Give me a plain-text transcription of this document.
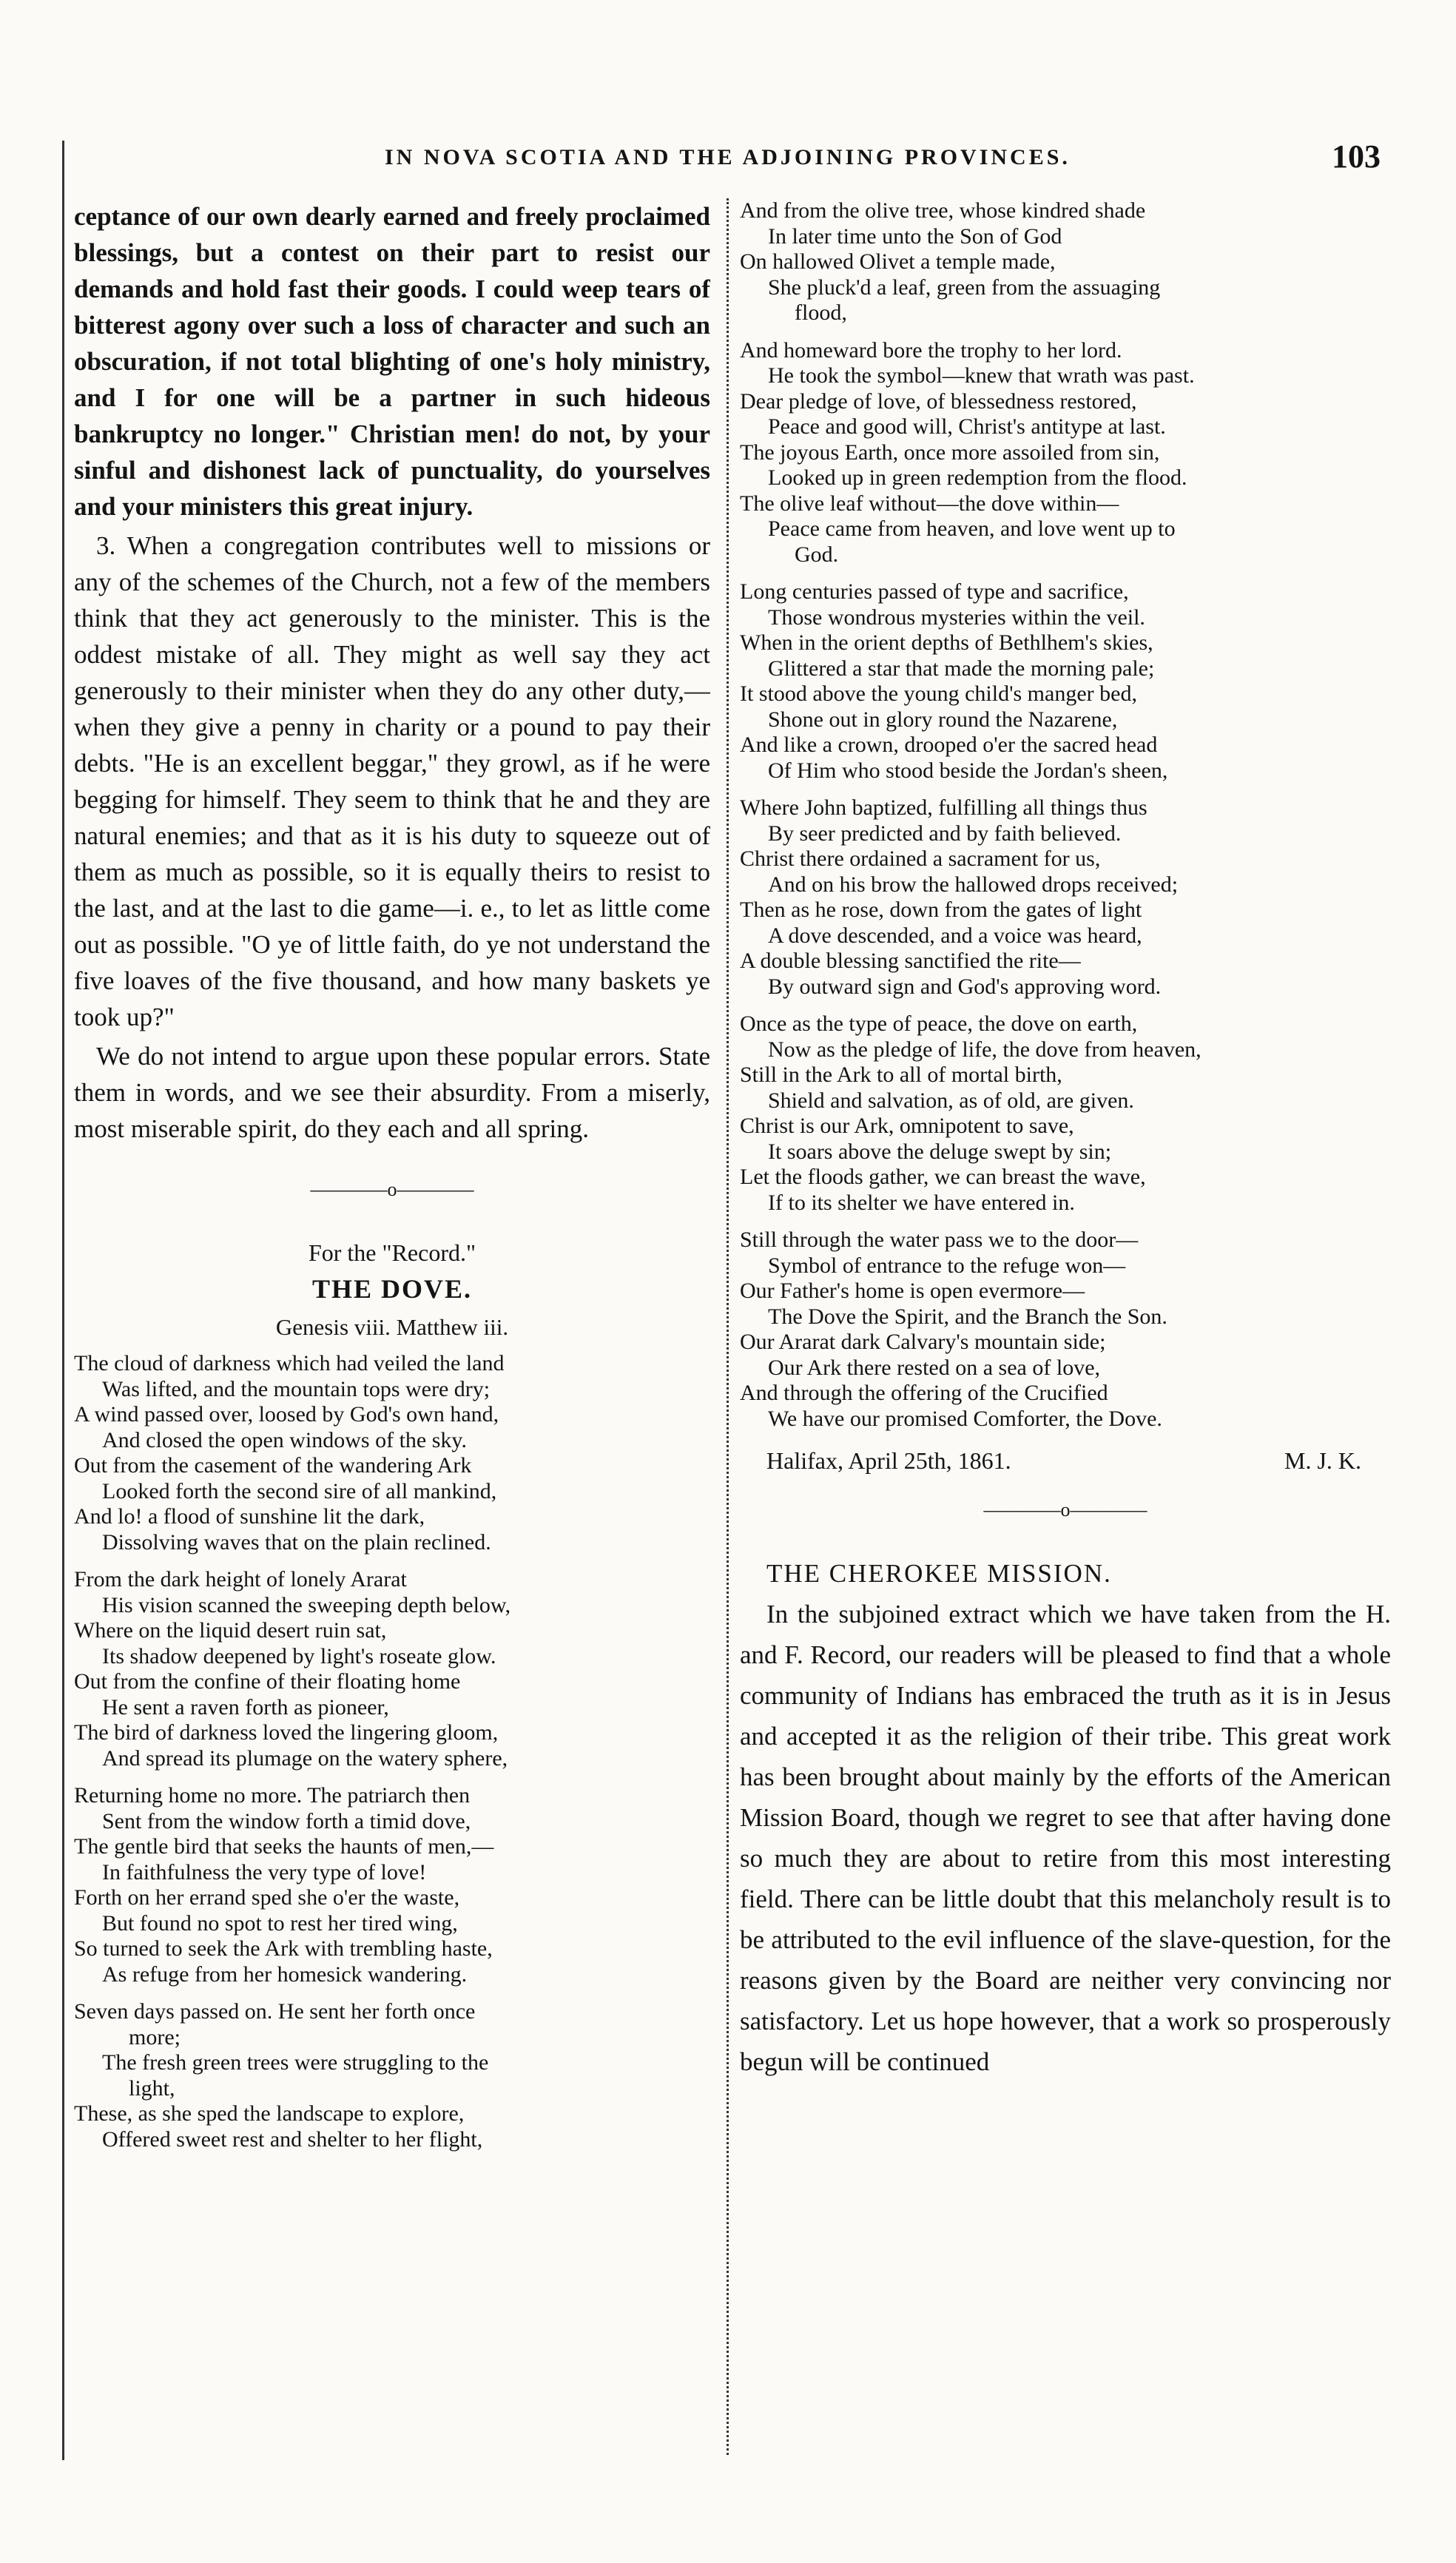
IN NOVA SCOTIA AND THE ADJOINING PROVINCES.	103

ceptance of our own dearly earned and freely proclaimed blessings, but a contest on their part to resist our demands and hold fast their goods. I could weep tears of bitterest agony over such a loss of character and such an obscuration, if not total blighting of one's holy ministry, and I for one will be a partner in such hideous bankruptcy no longer." Christian men! do not, by your sinful and dishonest lack of punctuality, do yourselves and your ministers this great injury.

3. When a congregation contributes well to missions or any of the schemes of the Church, not a few of the members think that they act generously to the minister. This is the oddest mistake of all. They might as well say they act generously to their minister when they do any other duty,—when they give a penny in charity or a pound to pay their debts. "He is an excellent beggar," they growl, as if he were begging for himself. They seem to think that he and they are natural enemies; and that as it is his duty to squeeze out of them as much as possible, so it is equally theirs to resist to the last, and at the last to die game—i. e., to let as little come out as possible. "O ye of little faith, do ye not understand the five loaves of the five thousand, and how many baskets ye took up?"

We do not intend to argue upon these popular errors. State them in words, and we see their absurdity. From a miserly, most miserable spirit, do they each and all spring.

————o————

For the "Record."

THE DOVE.

Genesis viii. Matthew iii.

The cloud of darkness which had veiled the land

Was lifted, and the mountain tops were dry;

A wind passed over, loosed by God's own hand,

And closed the open windows of the sky.

Out from the casement of the wandering Ark

Looked forth the second sire of all mankind,

And lo! a flood of sunshine lit the dark,

Dissolving waves that on the plain reclined.

From the dark height of lonely Ararat

His vision scanned the sweeping depth below,

Where on the liquid desert ruin sat,

Its shadow deepened by light's roseate glow.

Out from the confine of their floating home

He sent a raven forth as pioneer,

The bird of darkness loved the lingering gloom,

And spread its plumage on the watery sphere,

Returning home no more. The patriarch then

Sent from the window forth a timid dove,

The gentle bird that seeks the haunts of men,—

In faithfulness the very type of love!

Forth on her errand sped she o'er the waste,

But found no spot to rest her tired wing,

So turned to seek the Ark with trembling haste,

As refuge from her homesick wandering.

Seven days passed on. He sent her forth once

more;

The fresh green trees were struggling to the

light,

These, as she sped the landscape to explore,

Offered sweet rest and shelter to her flight,

And from the olive tree, whose kindred shade

In later time unto the Son of God

On hallowed Olivet a temple made,

She pluck'd a leaf, green from the assuaging

flood,

And homeward bore the trophy to her lord.

He took the symbol—knew that wrath was past.

Dear pledge of love, of blessedness restored,

Peace and good will, Christ's antitype at last.

The joyous Earth, once more assoiled from sin,

Looked up in green redemption from the flood.

The olive leaf without—the dove within—

Peace came from heaven, and love went up to

God.

Long centuries passed of type and sacrifice,

Those wondrous mysteries within the veil.

When in the orient depths of Bethlhem's skies,

Glittered a star that made the morning pale;

It stood above the young child's manger bed,

Shone out in glory round the Nazarene,

And like a crown, drooped o'er the sacred head

Of Him who stood beside the Jordan's sheen,

Where John baptized, fulfilling all things thus

By seer predicted and by faith believed.

Christ there ordained a sacrament for us,

And on his brow the hallowed drops received;

Then as he rose, down from the gates of light

A dove descended, and a voice was heard,

A double blessing sanctified the rite—

By outward sign and God's approving word.

Once as the type of peace, the dove on earth,

Now as the pledge of life, the dove from heaven,

Still in the Ark to all of mortal birth,

Shield and salvation, as of old, are given.

Christ is our Ark, omnipotent to save,

It soars above the deluge swept by sin;

Let the floods gather, we can breast the wave,

If to its shelter we have entered in.

Still through the water pass we to the door—

Symbol of entrance to the refuge won—

Our Father's home is open evermore—

The Dove the Spirit, and the Branch the Son.

Our Ararat dark Calvary's mountain side;

Our Ark there rested on a sea of love,

And through the offering of the Crucified

We have our promised Comforter, the Dove.

Halifax, April 25th, 1861.	M. J. K.

————o————

THE CHEROKEE MISSION.

In the subjoined extract which we have taken from the H. and F. Record, our readers will be pleased to find that a whole community of Indians has embraced the truth as it is in Jesus and accepted it as the religion of their tribe. This great work has been brought about mainly by the efforts of the American Mission Board, though we regret to see that after having done so much they are about to retire from this most interesting field. There can be little doubt that this melancholy result is to be attributed to the evil influence of the slave-question, for the reasons given by the Board are neither very convincing nor satisfactory. Let us hope however, that a work so prosperously begun will be continued
